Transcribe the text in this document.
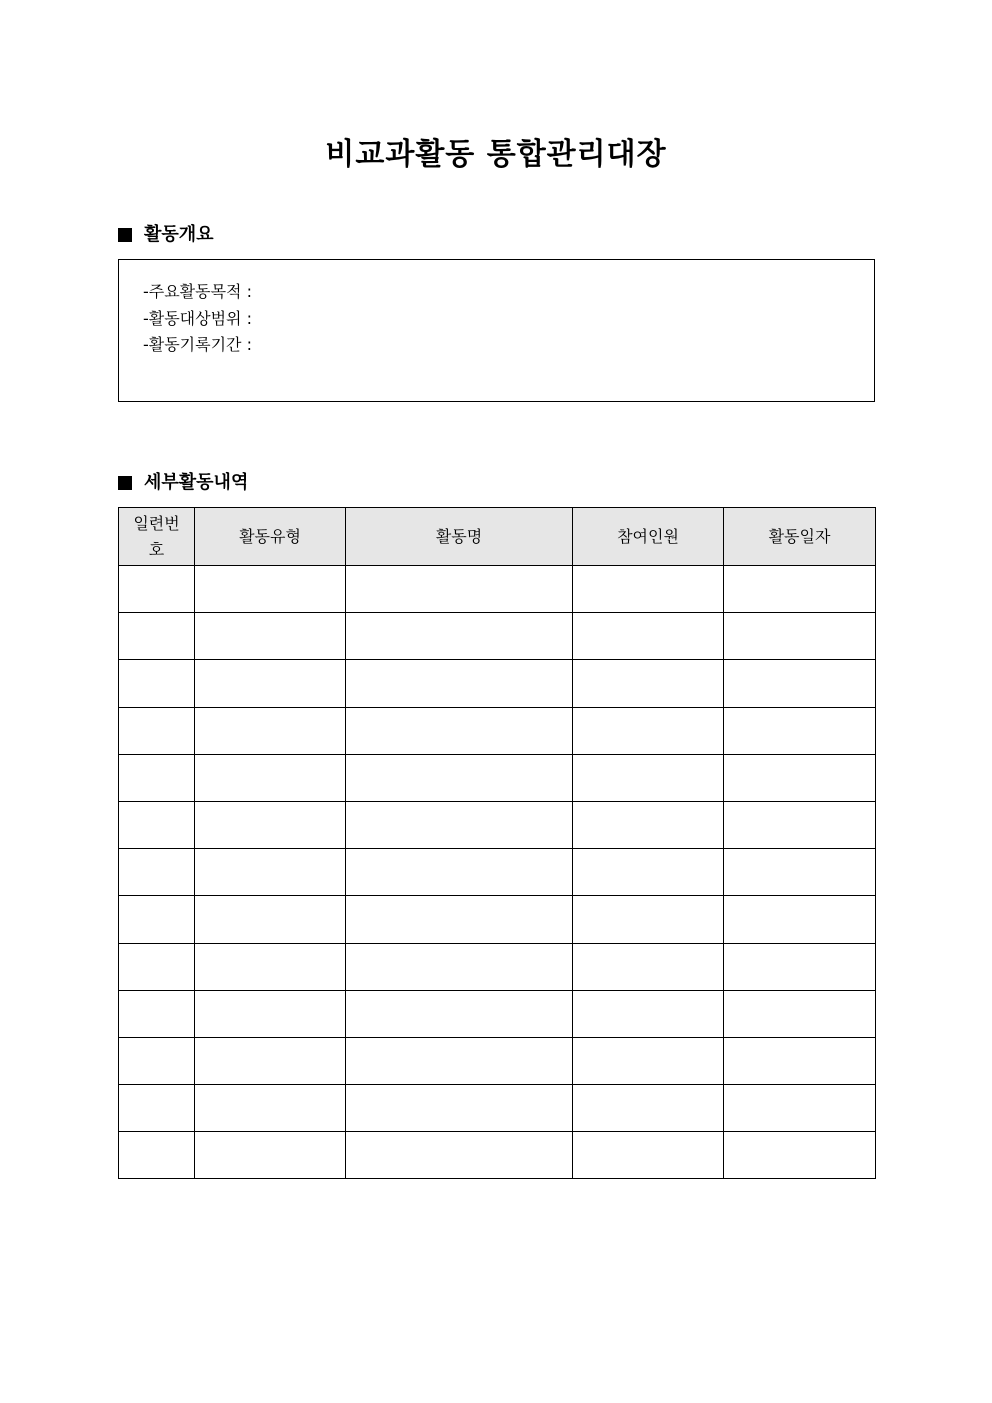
비교과활동 통합관리대장
활동개요
-주요활동목적 :
-활동대상범위 :
-활동기록기간 :
세부활동내역
일련번호	활동유형	활동명	참여인원	활동일자
